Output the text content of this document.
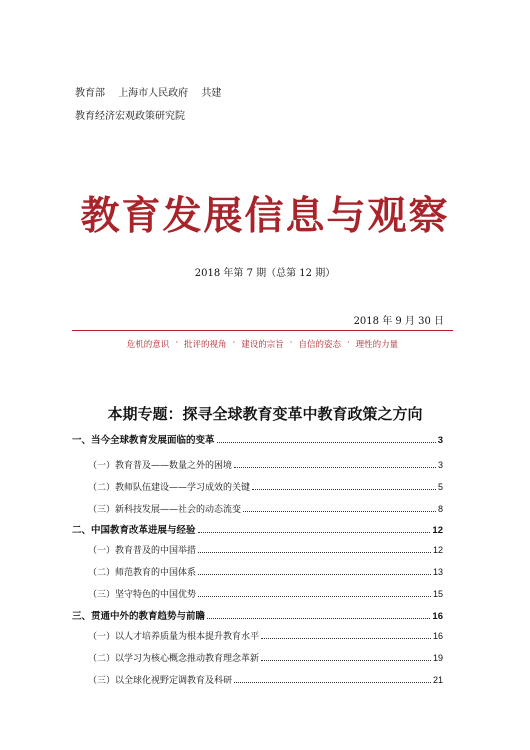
教育部 上海市人民政府 共建
教育经济宏观政策研究院
教育发展信息与观察
2018 年第 7 期（总第 12 期）
2018 年 9 月 30 日
危机的意识 · 批评的视角 · 建设的宗旨 · 自信的姿态 · 理性的力量
本期专题：探寻全球教育变革中教育政策之方向
一、当今全球教育发展面临的变革	3
（一）教育普及——数量之外的困境	3
（二）教师队伍建设——学习成效的关键	5
（三）新科技发展——社会的动态流变	8
二、中国教育改革进展与经验	12
（一）教育普及的中国举措	12
（二）师范教育的中国体系	13
（三）坚守特色的中国优势	15
三、贯通中外的教育趋势与前瞻	16
（一）以人才培养质量为根本提升教育水平	16
（二）以学习为核心概念推动教育理念革新	19
（三）以全球化视野定调教育及科研	21
